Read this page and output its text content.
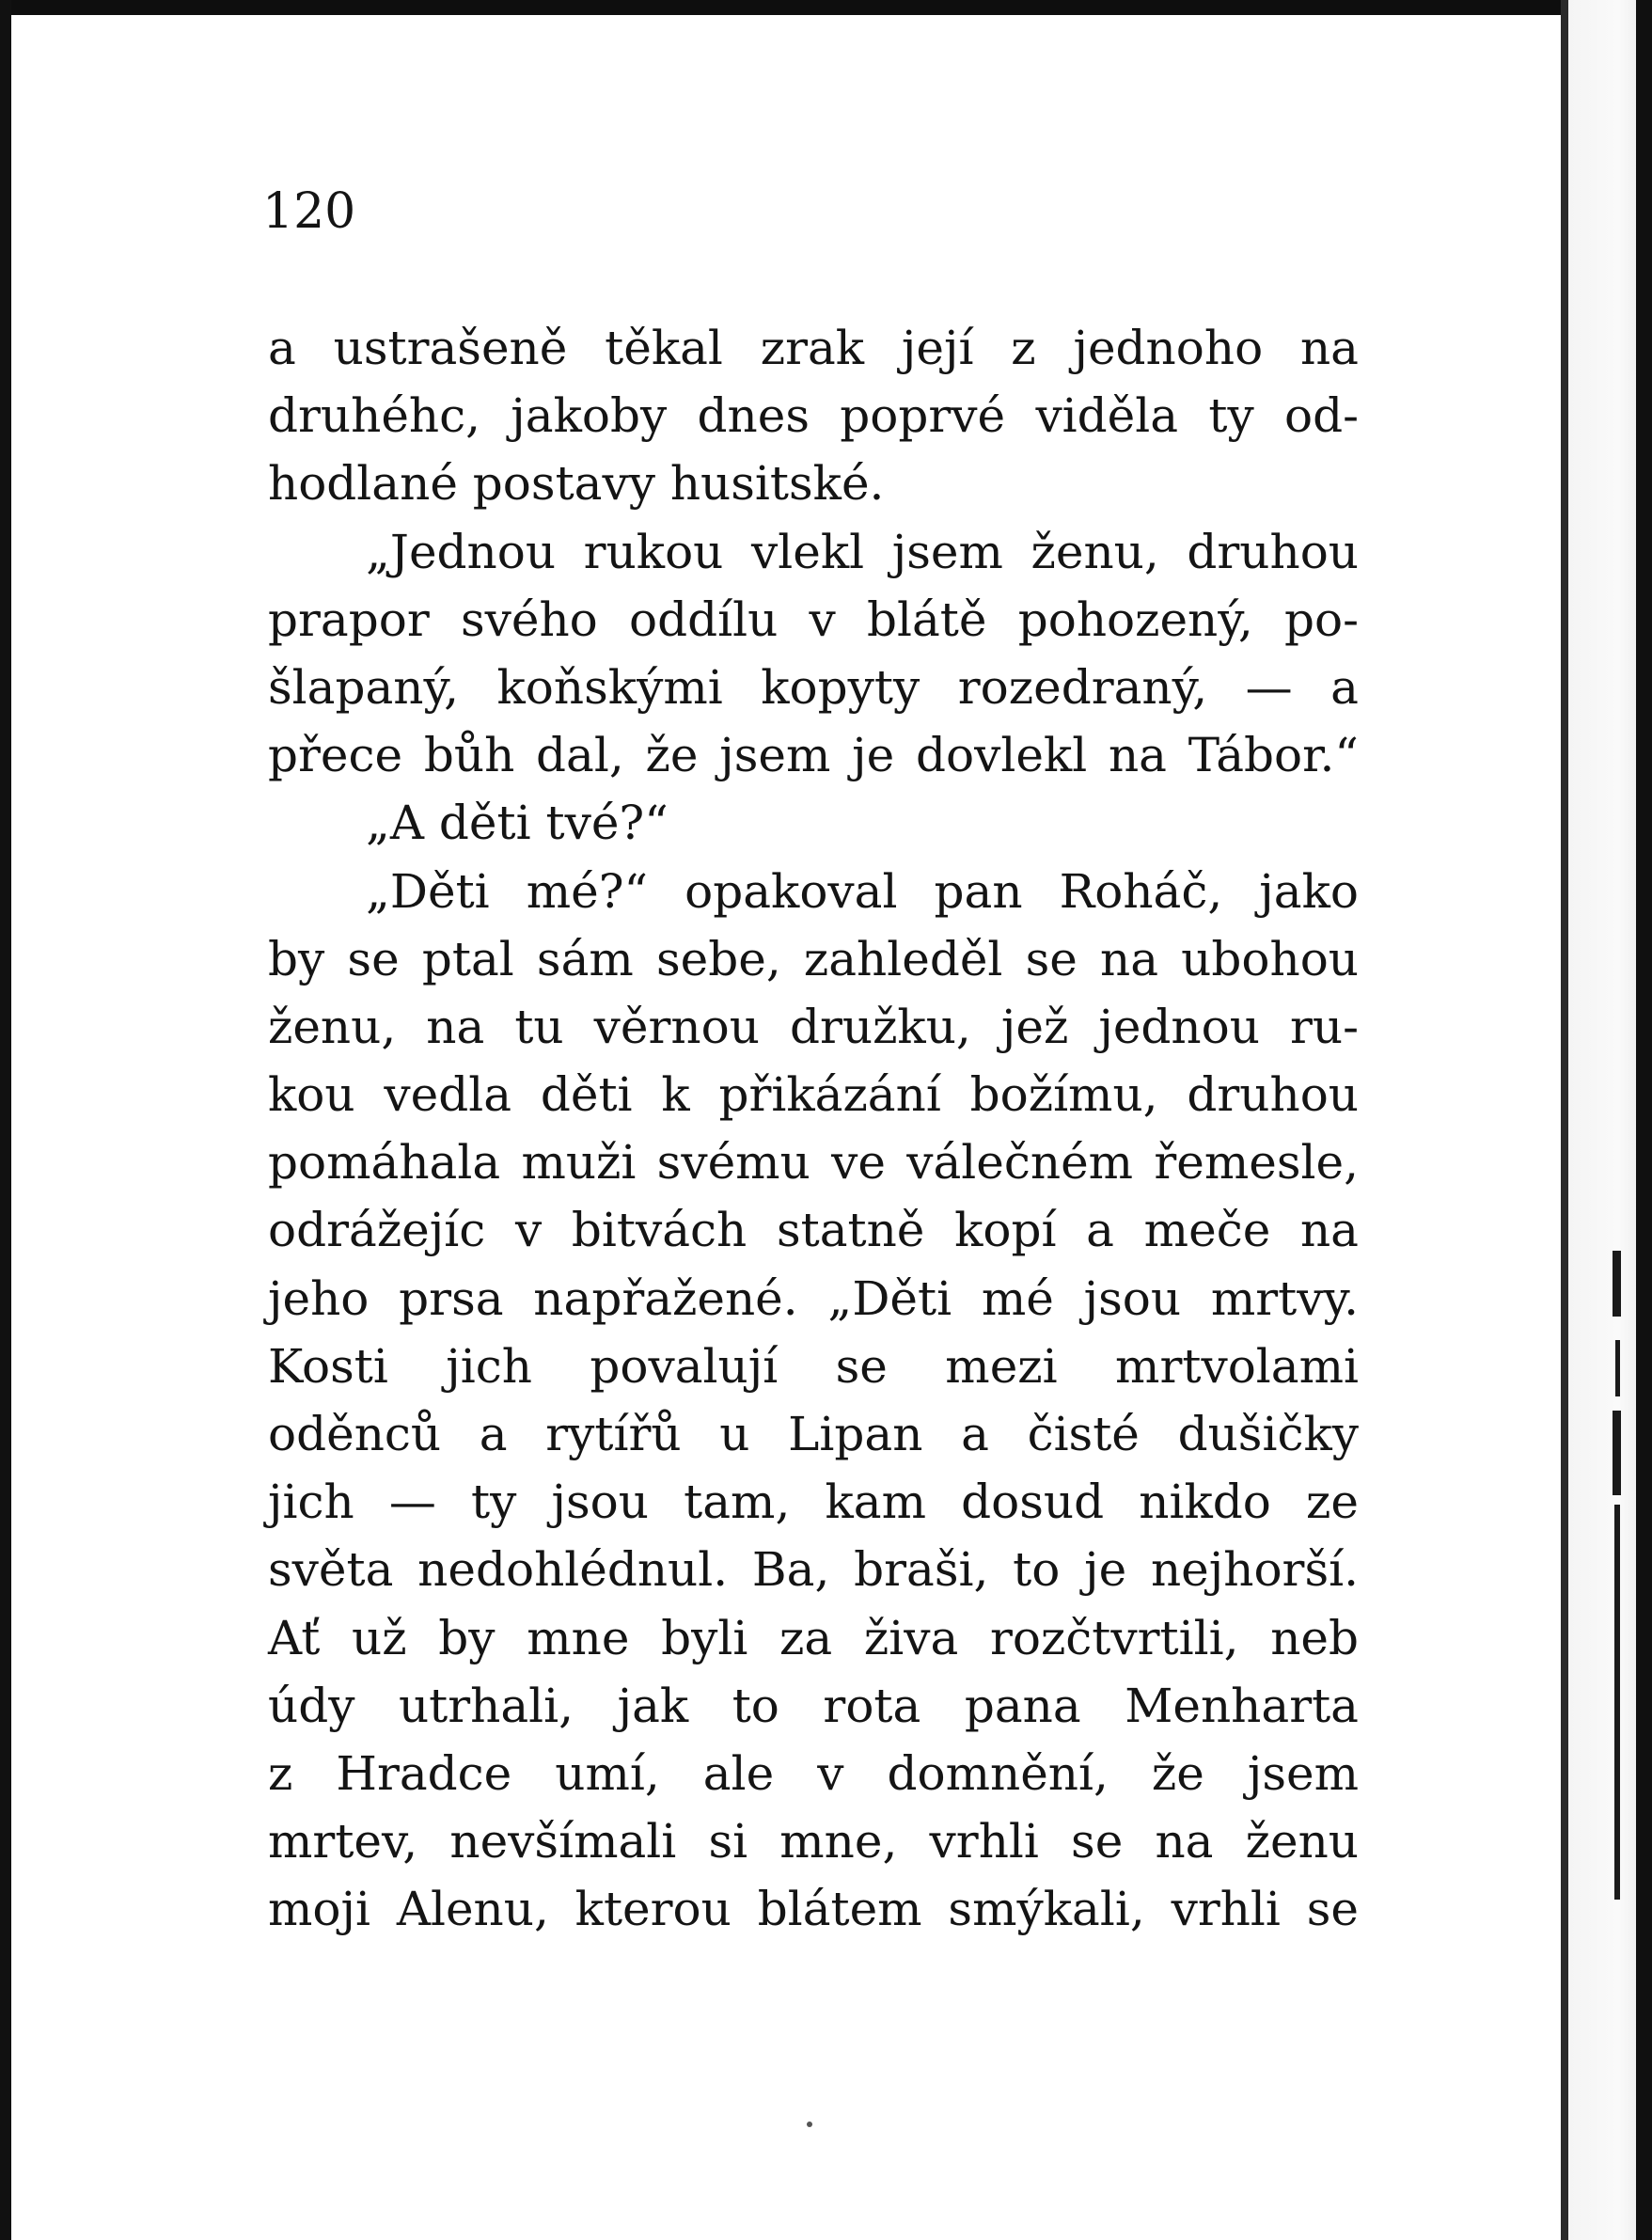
120
a ustrašeně těkal zrak její z jednoho na
druhéhc, jakoby dnes poprvé viděla ty od-
hodlané postavy husitské.
„Jednou rukou vlekl jsem ženu, druhou
prapor svého oddílu v blátě pohozený, po-
šlapaný, koňskými kopyty rozedraný, — a
přece bůh dal, že jsem je dovlekl na Tábor.“
„A děti tvé?“
„Děti mé?“ opakoval pan Roháč, jako
by se ptal sám sebe, zahleděl se na ubohou
ženu, na tu věrnou družku, jež jednou ru-
kou vedla děti k přikázání božímu, druhou
pomáhala muži svému ve válečném řemesle,
odrážejíc v bitvách statně kopí a meče na
jeho prsa napřažené. „Děti mé jsou mrtvy.
Kosti jich povalují se mezi mrtvolami
oděnců a rytířů u Lipan a čisté dušičky
jich — ty jsou tam, kam dosud nikdo ze
světa nedohlédnul. Ba, braši, to je nejhorší.
Ať už by mne byli za živa rozčtvrtili, neb
údy utrhali, jak to rota pana Menharta
z Hradce umí, ale v domnění, že jsem
mrtev, nevšímali si mne, vrhli se na ženu
moji Alenu, kterou blátem smýkali, vrhli se
